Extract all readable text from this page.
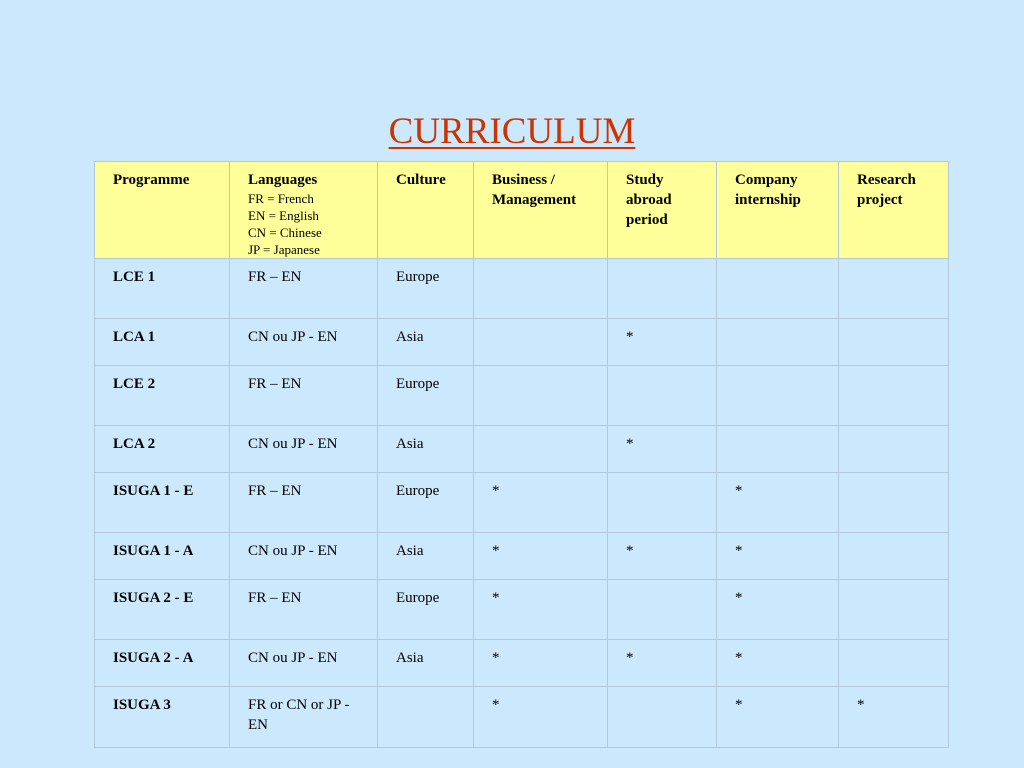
CURRICULUM
Programme	Languages
FR = French
EN = English
CN = Chinese
JP = Japanese	Culture	Business / Management	Study abroad period	Company internship	Research project
LCE 1	FR – EN	Europe				
LCA 1	CN ou JP - EN	Asia		*		
LCE 2	FR – EN	Europe				
LCA 2	CN ou JP - EN	Asia		*		
ISUGA 1 - E	FR – EN	Europe	*		*	
ISUGA 1 - A	CN ou JP - EN	Asia	*	*	*	
ISUGA 2 - E	FR – EN	Europe	*		*	
ISUGA 2 - A	CN ou JP - EN	Asia	*	*	*	
ISUGA 3	FR or CN or JP - EN		*		*	*
